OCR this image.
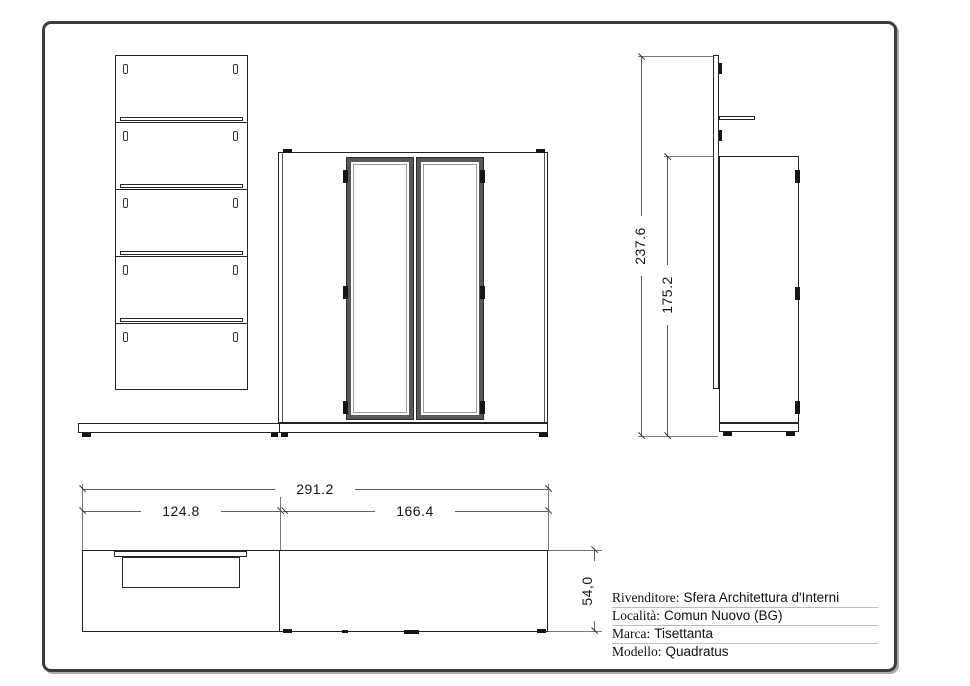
237.6
175.2
291.2
124.8	166.4
54,0 Rivenditore: Sfera Architettura d'Interni
Località: Comun Nuovo (BG)
Marca: Tisettanta
Modello: Quadratus
